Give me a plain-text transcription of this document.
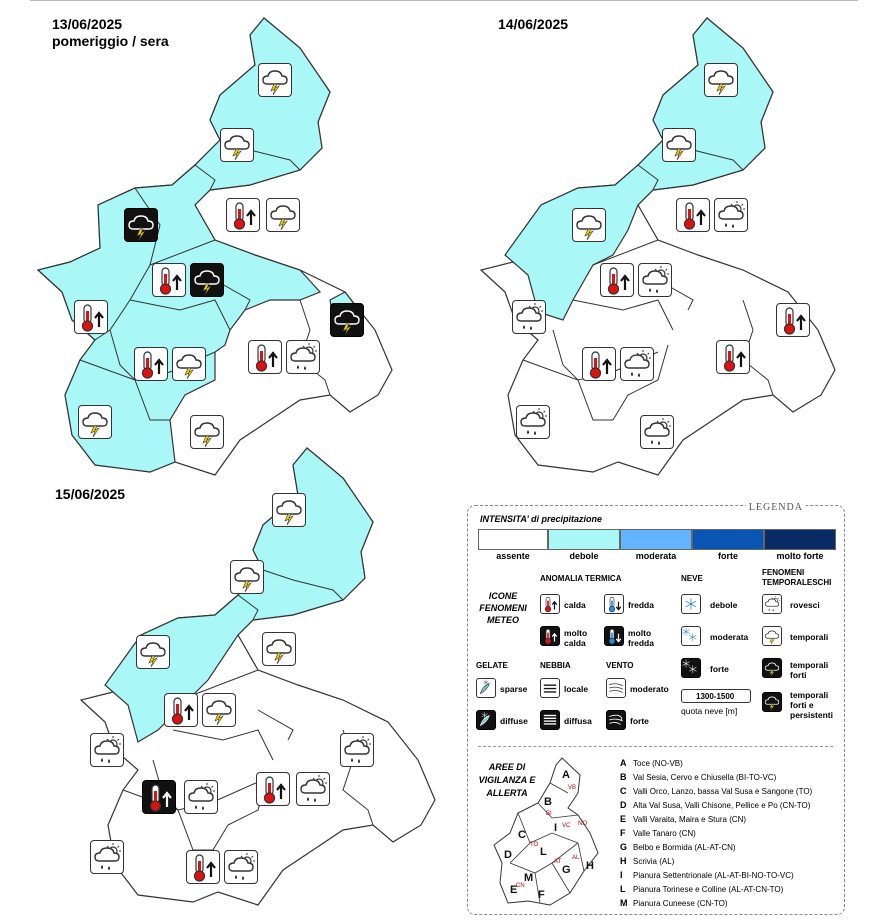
13/06/2025
pomeriggio / sera
14/06/2025
15/06/2025
LEGENDA
INTENSITA’ di precipitazione
assente	debole	moderata	forte	molto forte
ICONE FENOMENI METEO
ANOMALIA TERMICA	NEVE
FENOMENI TEMPORALESCHI
calda	fredda
molto calda
molto fredda
debole
moderata
forte
1300-1500
quota neve [m]
rovesci
temporali
temporali forti
temporali forti e persistenti
GELATE	NEBBIA	VENTO
sparse
diffuse
locale
diffusa
moderato
forte
AREE DI VIGILANZA E ALLERTA
A
B
I
C
L
D
M
G H
E F
VB
BI
VC NO
TO
AT
AL
CN
A Toce (NO-VB)
B Val Sesia, Cervo e Chiusella (BI-TO-VC)
C Valli Orco, Lanzo, bassa Val Susa e Sangone (TO)
D Alta Val Susa, Valli Chisone, Pellice e Po (CN-TO)
E Valli Varaita, Maira e Stura (CN)
F Valle Tanaro (CN)
G Belbo e Bormida (AL-AT-CN)
H Scrivia (AL)
I Pianura Settentrionale (AL-AT-BI-NO-TO-VC)
L Pianura Torinese e Colline (AL-AT-CN-TO)
M Pianura Cuneese (CN-TO)
